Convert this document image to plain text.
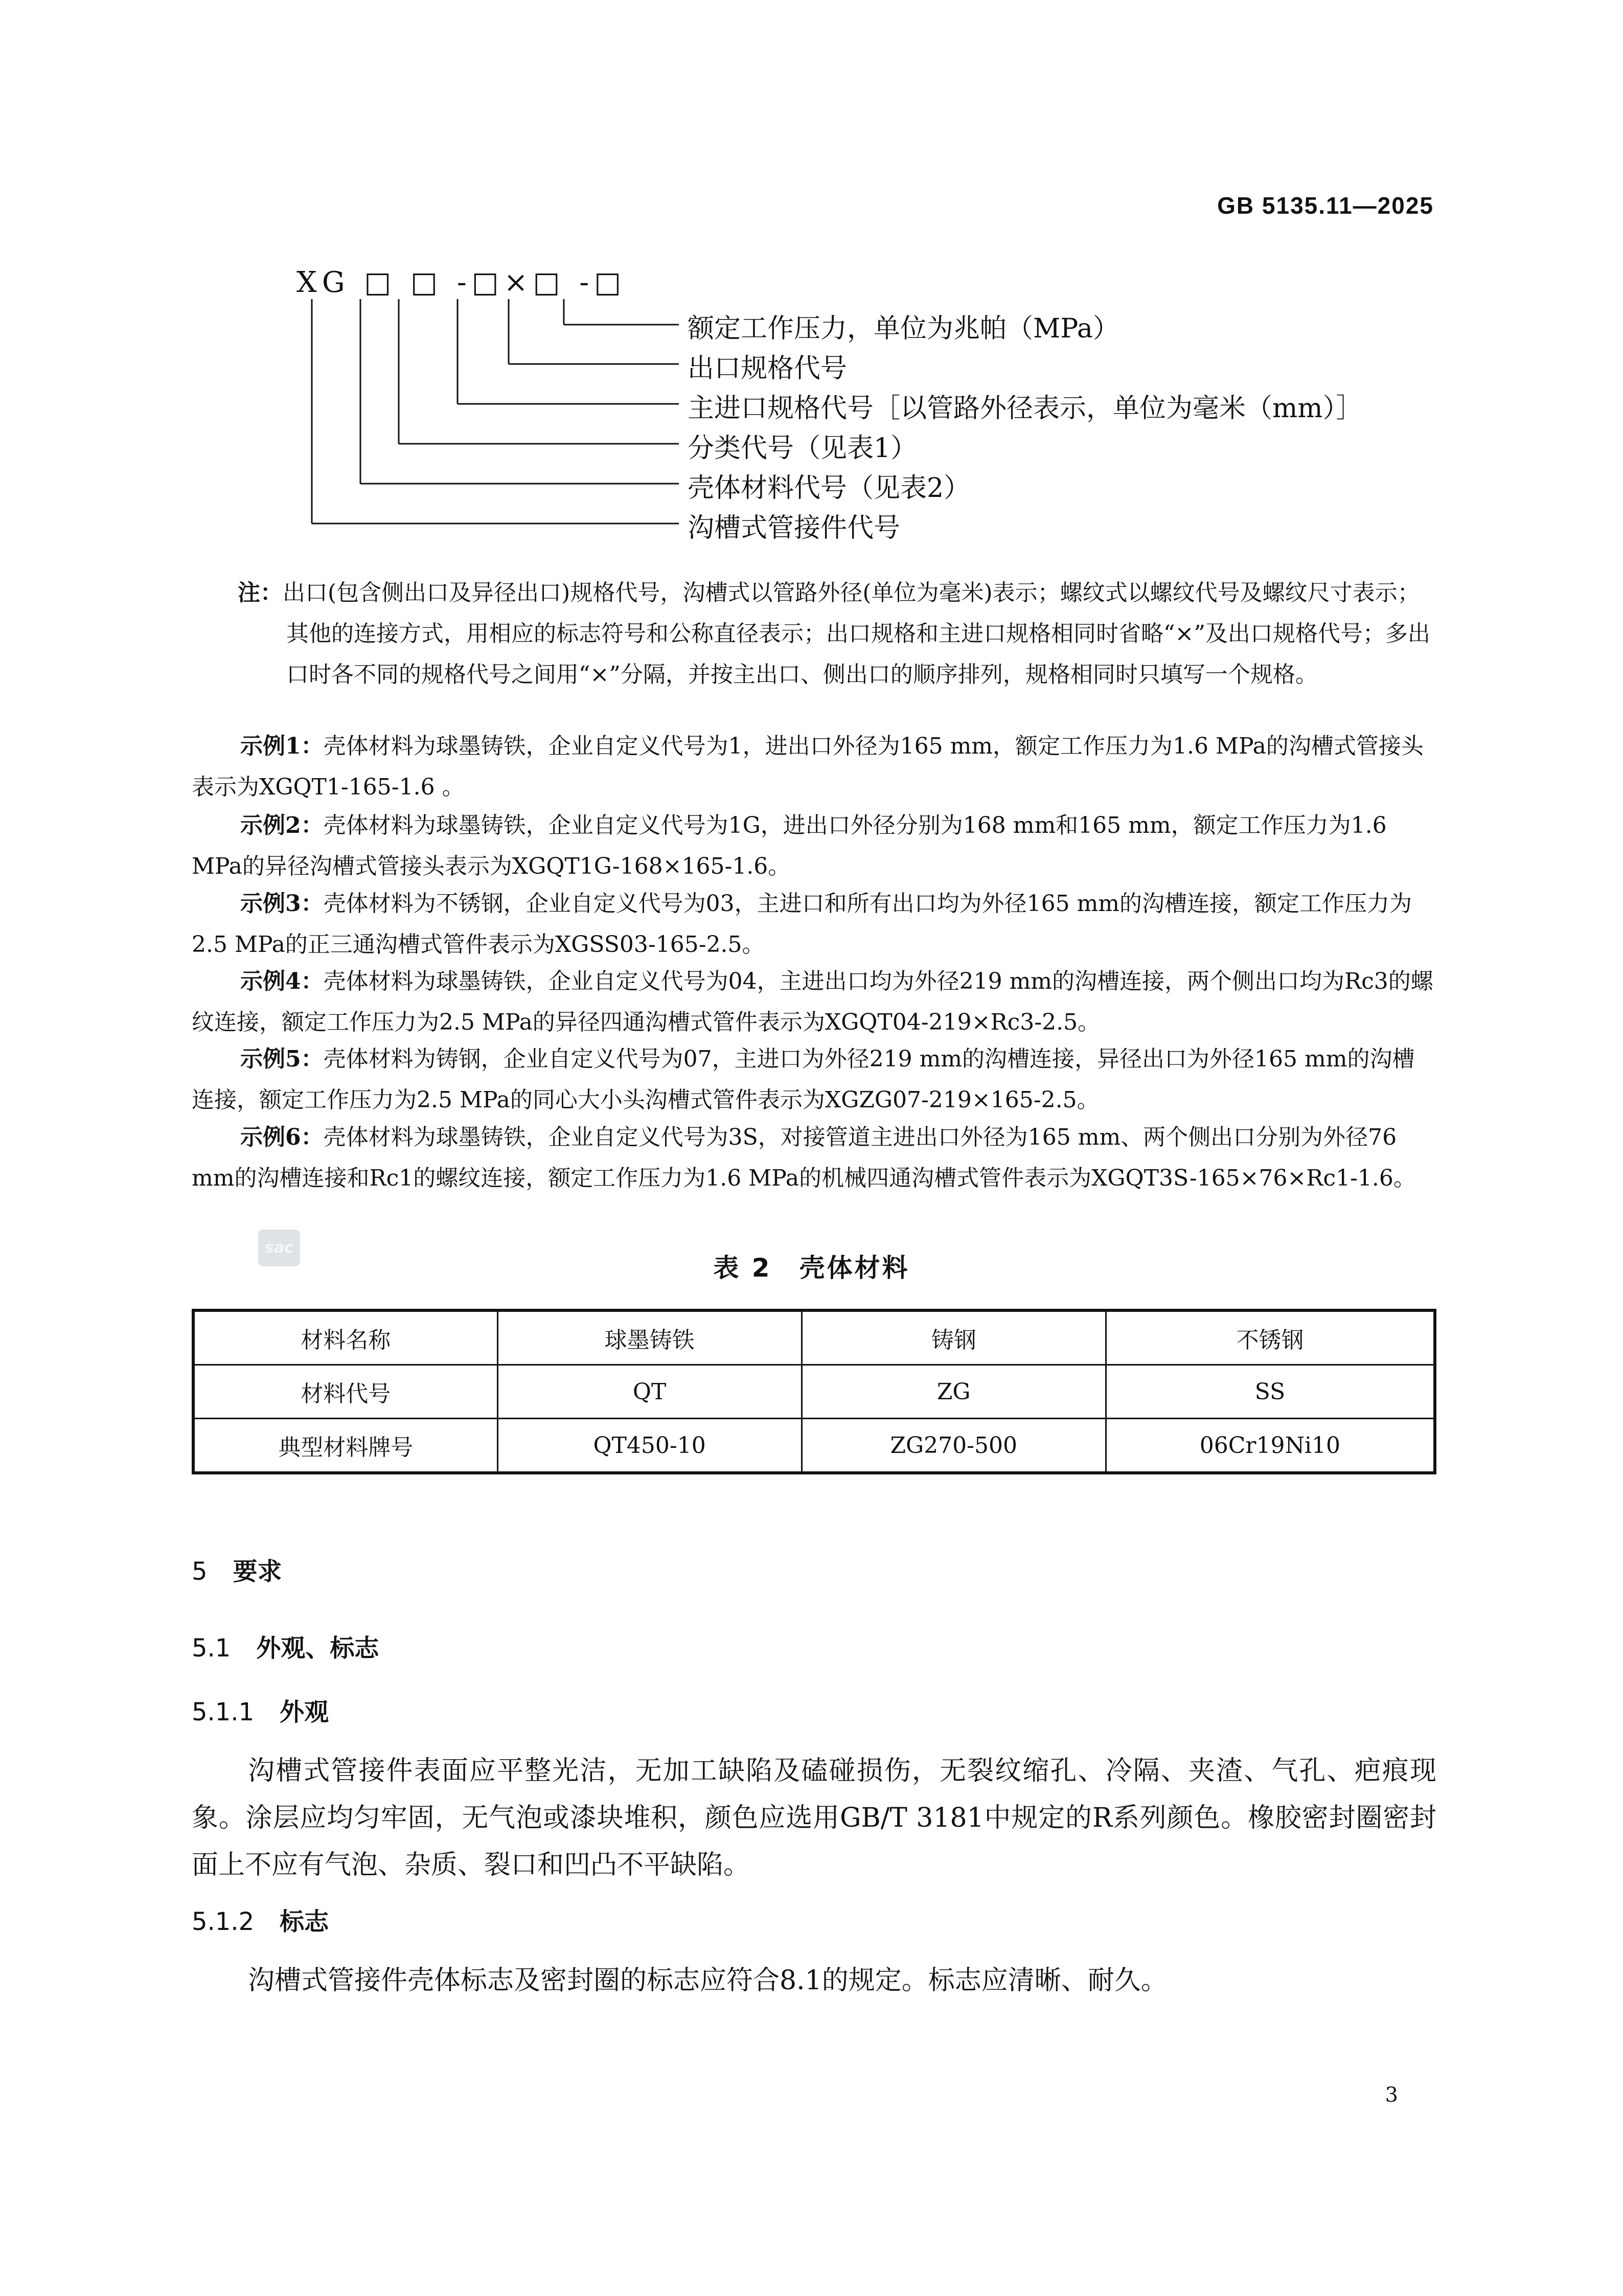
GB 5135.11—2025
XG □ □ -□×□ -□
额定工作压力，单位为兆帕（MPa）
出口规格代号
主进口规格代号［以管路外径表示，单位为毫米（mm）］
分类代号（见表1）
壳体材料代号（见表2）
沟槽式管接件代号
注：出口(包含侧出口及异径出口)规格代号，沟槽式以管路外径(单位为毫米)表示；螺纹式以螺纹代号及螺纹尺寸表示；其他的连接方式，用相应的标志符号和公称直径表示；出口规格和主进口规格相同时省略“×”及出口规格代号；多出口时各不同的规格代号之间用“×”分隔，并按主出口、侧出口的顺序排列，规格相同时只填写一个规格。
示例1：壳体材料为球墨铸铁，企业自定义代号为1，进出口外径为165 mm，额定工作压力为1.6 MPa的沟槽式管接头表示为XGQT1-165-1.6 。
示例2：壳体材料为球墨铸铁，企业自定义代号为1G，进出口外径分别为168 mm和165 mm，额定工作压力为1.6 MPa的异径沟槽式管接头表示为XGQT1G-168×165-1.6。
示例3：壳体材料为不锈钢，企业自定义代号为03，主进口和所有出口均为外径165 mm的沟槽连接，额定工作压力为2.5 MPa的正三通沟槽式管件表示为XGSS03-165-2.5。
示例4：壳体材料为球墨铸铁，企业自定义代号为04，主进出口均为外径219 mm的沟槽连接，两个侧出口均为Rc3的螺纹连接，额定工作压力为2.5 MPa的异径四通沟槽式管件表示为XGQT04-219×Rc3-2.5。
示例5：壳体材料为铸钢，企业自定义代号为07，主进口为外径219 mm的沟槽连接，异径出口为外径165 mm的沟槽连接，额定工作压力为2.5 MPa的同心大小头沟槽式管件表示为XGZG07-219×165-2.5。
示例6：壳体材料为球墨铸铁，企业自定义代号为3S，对接管道主进出口外径为165 mm、两个侧出口分别为外径76 mm的沟槽连接和Rc1的螺纹连接，额定工作压力为1.6 MPa的机械四通沟槽式管件表示为XGQT3S-165×76×Rc1-1.6。
sac
表 2　壳体材料
材料名称	球墨铸铁	铸钢	不锈钢
材料代号	QT	ZG	SS
典型材料牌号	QT450-10	ZG270-500	06Cr19Ni10
5 要求
5.1 外观、标志
5.1.1 外观
沟槽式管接件表面应平整光洁，无加工缺陷及磕碰损伤，无裂纹缩孔、冷隔、夹渣、气孔、疤痕现象。涂层应均匀牢固，无气泡或漆块堆积，颜色应选用GB/T 3181中规定的R系列颜色。橡胶密封圈密封面上不应有气泡、杂质、裂口和凹凸不平缺陷。
5.1.2 标志
沟槽式管接件壳体标志及密封圈的标志应符合8.1的规定。标志应清晰、耐久。
3
